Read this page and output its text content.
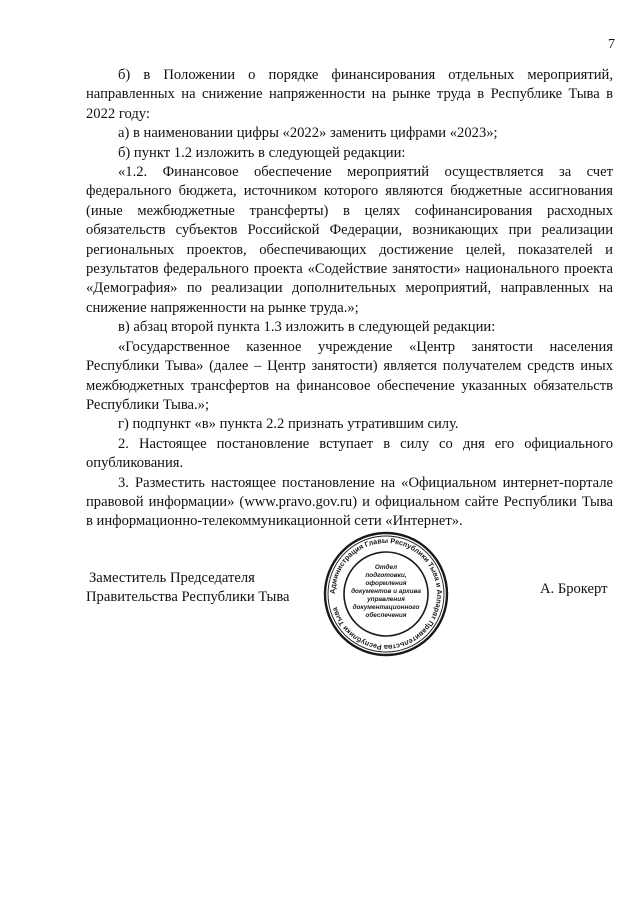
7

б) в Положении о порядке финансирования отдельных мероприятий, направленных на снижение напряженности на рынке труда в Республике Тыва в 2022 году:

а) в наименовании цифры «2022» заменить цифрами «2023»;

б) пункт 1.2 изложить в следующей редакции:

«1.2. Финансовое обеспечение мероприятий осуществляется за счет федерального бюджета, источником которого являются бюджетные ассигнования (иные межбюджетные трансферты) в целях софинансирования расходных обязательств субъектов Российской Федерации, возникающих при реализации региональных проектов, обеспечивающих достижение целей, показателей и результатов федерального проекта «Содействие занятости» национального проекта «Демография» по реализации дополнительных мероприятий, направленных на снижение напряженности на рынке труда.»;

в) абзац второй пункта 1.3 изложить в следующей редакции:

«Государственное казенное учреждение «Центр занятости населения Республики Тыва» (далее – Центр занятости) является получателем средств иных межбюджетных трансфертов на финансовое обеспечение указанных обязательств Республики Тыва.»;

г) подпункт «в» пункта 2.2 признать утратившим силу.

2. Настоящее постановление вступает в силу со дня его официального опубликования.

3. Разместить настоящее постановление на «Официальном интернет-портале правовой информации» (www.pravo.gov.ru) и официальном сайте Республики Тыва в информационно-телекоммуникационной сети «Интернет».

Заместитель Председателя
Правительства Республики Тыва	Администрация Главы Республики Тыва и Аппарат Правительства Республики Тыва
Отдел
подготовки,
оформления
документов и архива
управления
документационного
обеспечения
А. Брокерт
